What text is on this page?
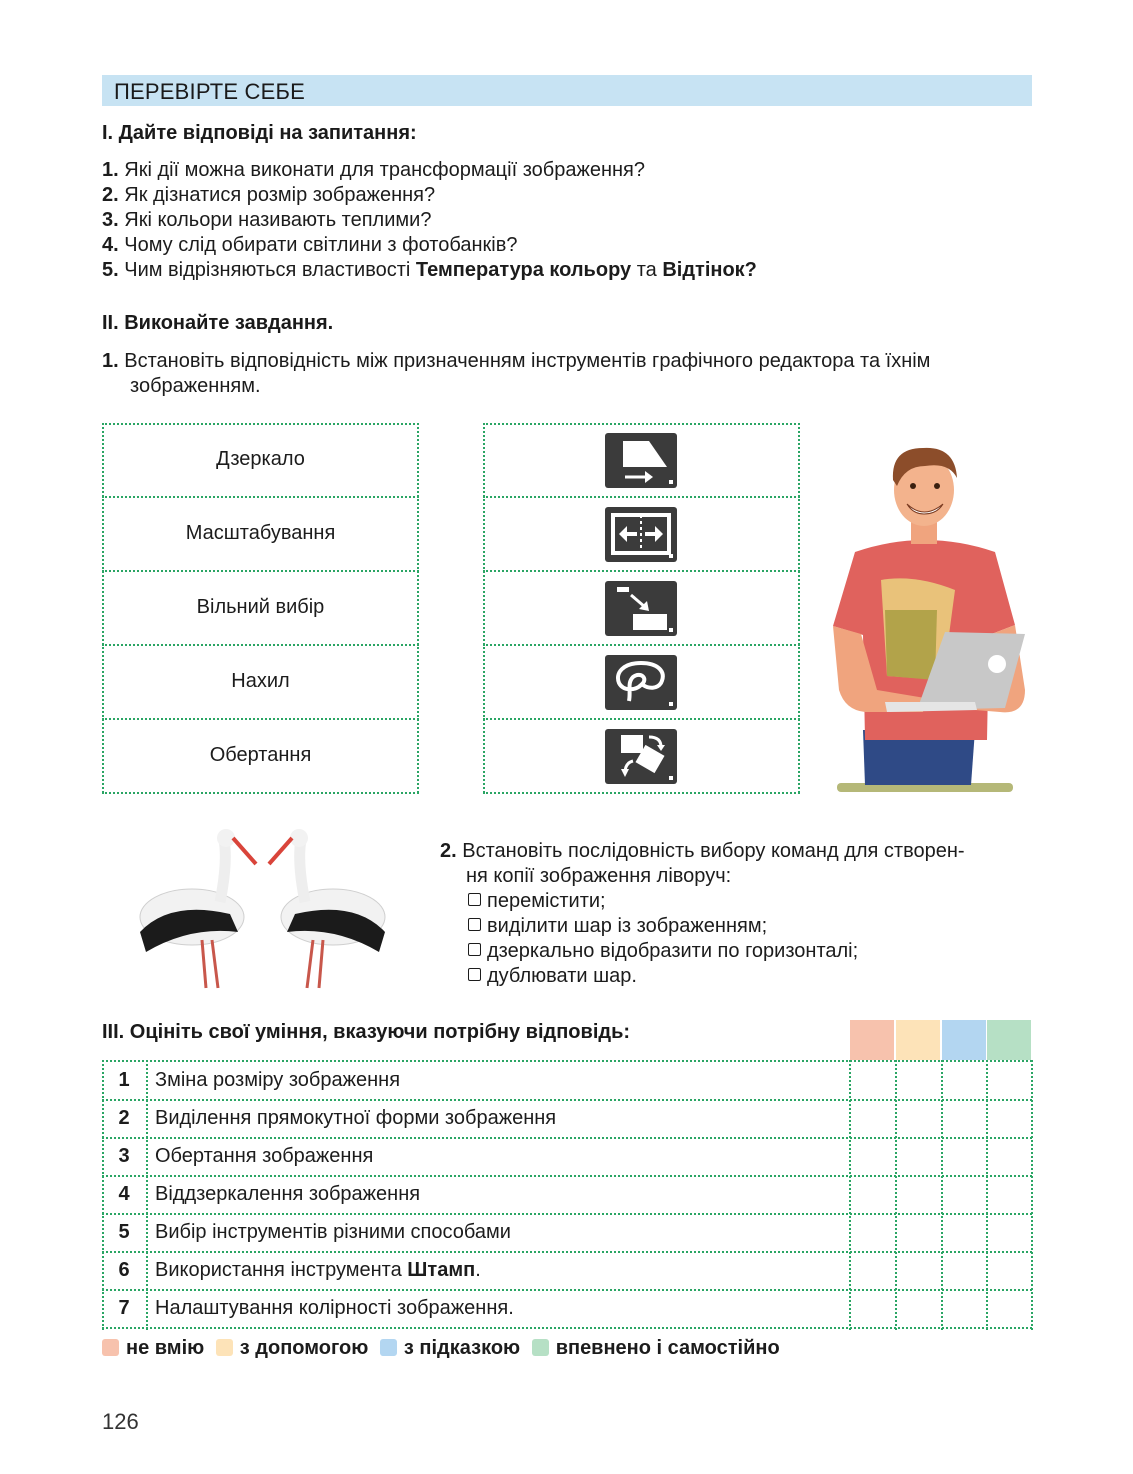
ПЕРЕВІРТЕ СЕБЕ
I. Дайте відповіді на запитання:
1. Які дії можна виконати для трансформації зображення?
2. Як дізнатися розмір зображення?
3. Які кольори називають теплими?
4. Чому слід обирати світлини з фотобанків?
5. Чим відрізняються властивості Температура кольору та Відтінок?
II. Виконайте завдання.
1. Встановіть відповідність між призначенням інструментів графічного редактора та їхнім
зображенням.
Дзеркало
Масштабування
Вільний вибір
Нахил
Обертання
2. Встановіть послідовність вибору команд для створен-
ня копії зображення ліворуч:
перемістити;
виділити шар із зображенням;
дзеркально відобразити по горизонталі;
дублювати шар.
III. Оцініть свої уміння, вказуючи потрібну відповідь:
1	Зміна розміру зображення
2	Виділення прямокутної форми зображення
3	Обертання зображення
4	Віддзеркалення зображення
5	Вибір інструментів різними способами
6	Використання інструмента Штамп.
7	Налаштування колірності зображення.
не вмію з допомогою з підказкою впевнено і самостійно
126
